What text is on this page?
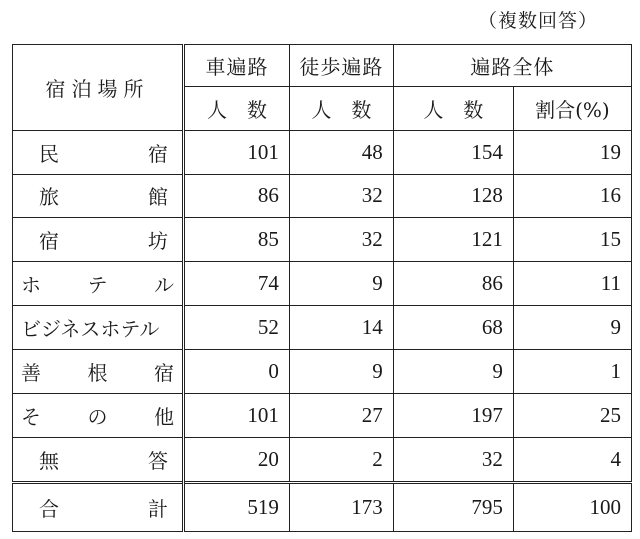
（複数回答）
宿泊場所	車遍路	徒歩遍路	遍路全体	
	人　数	人　数	人　数	割合(%)

民 宿	101	48	154	19

旅 館	86	32	128	16

宿 坊	85	32	121	15

ホ テ ル	74	9	86	11
ビジネスホテル	52	14	68	9

善 根 宿	0	9	9	1

そ の 他	101	27	197	25

無 答	20	2	32	4

合 計	519	173	795	100
